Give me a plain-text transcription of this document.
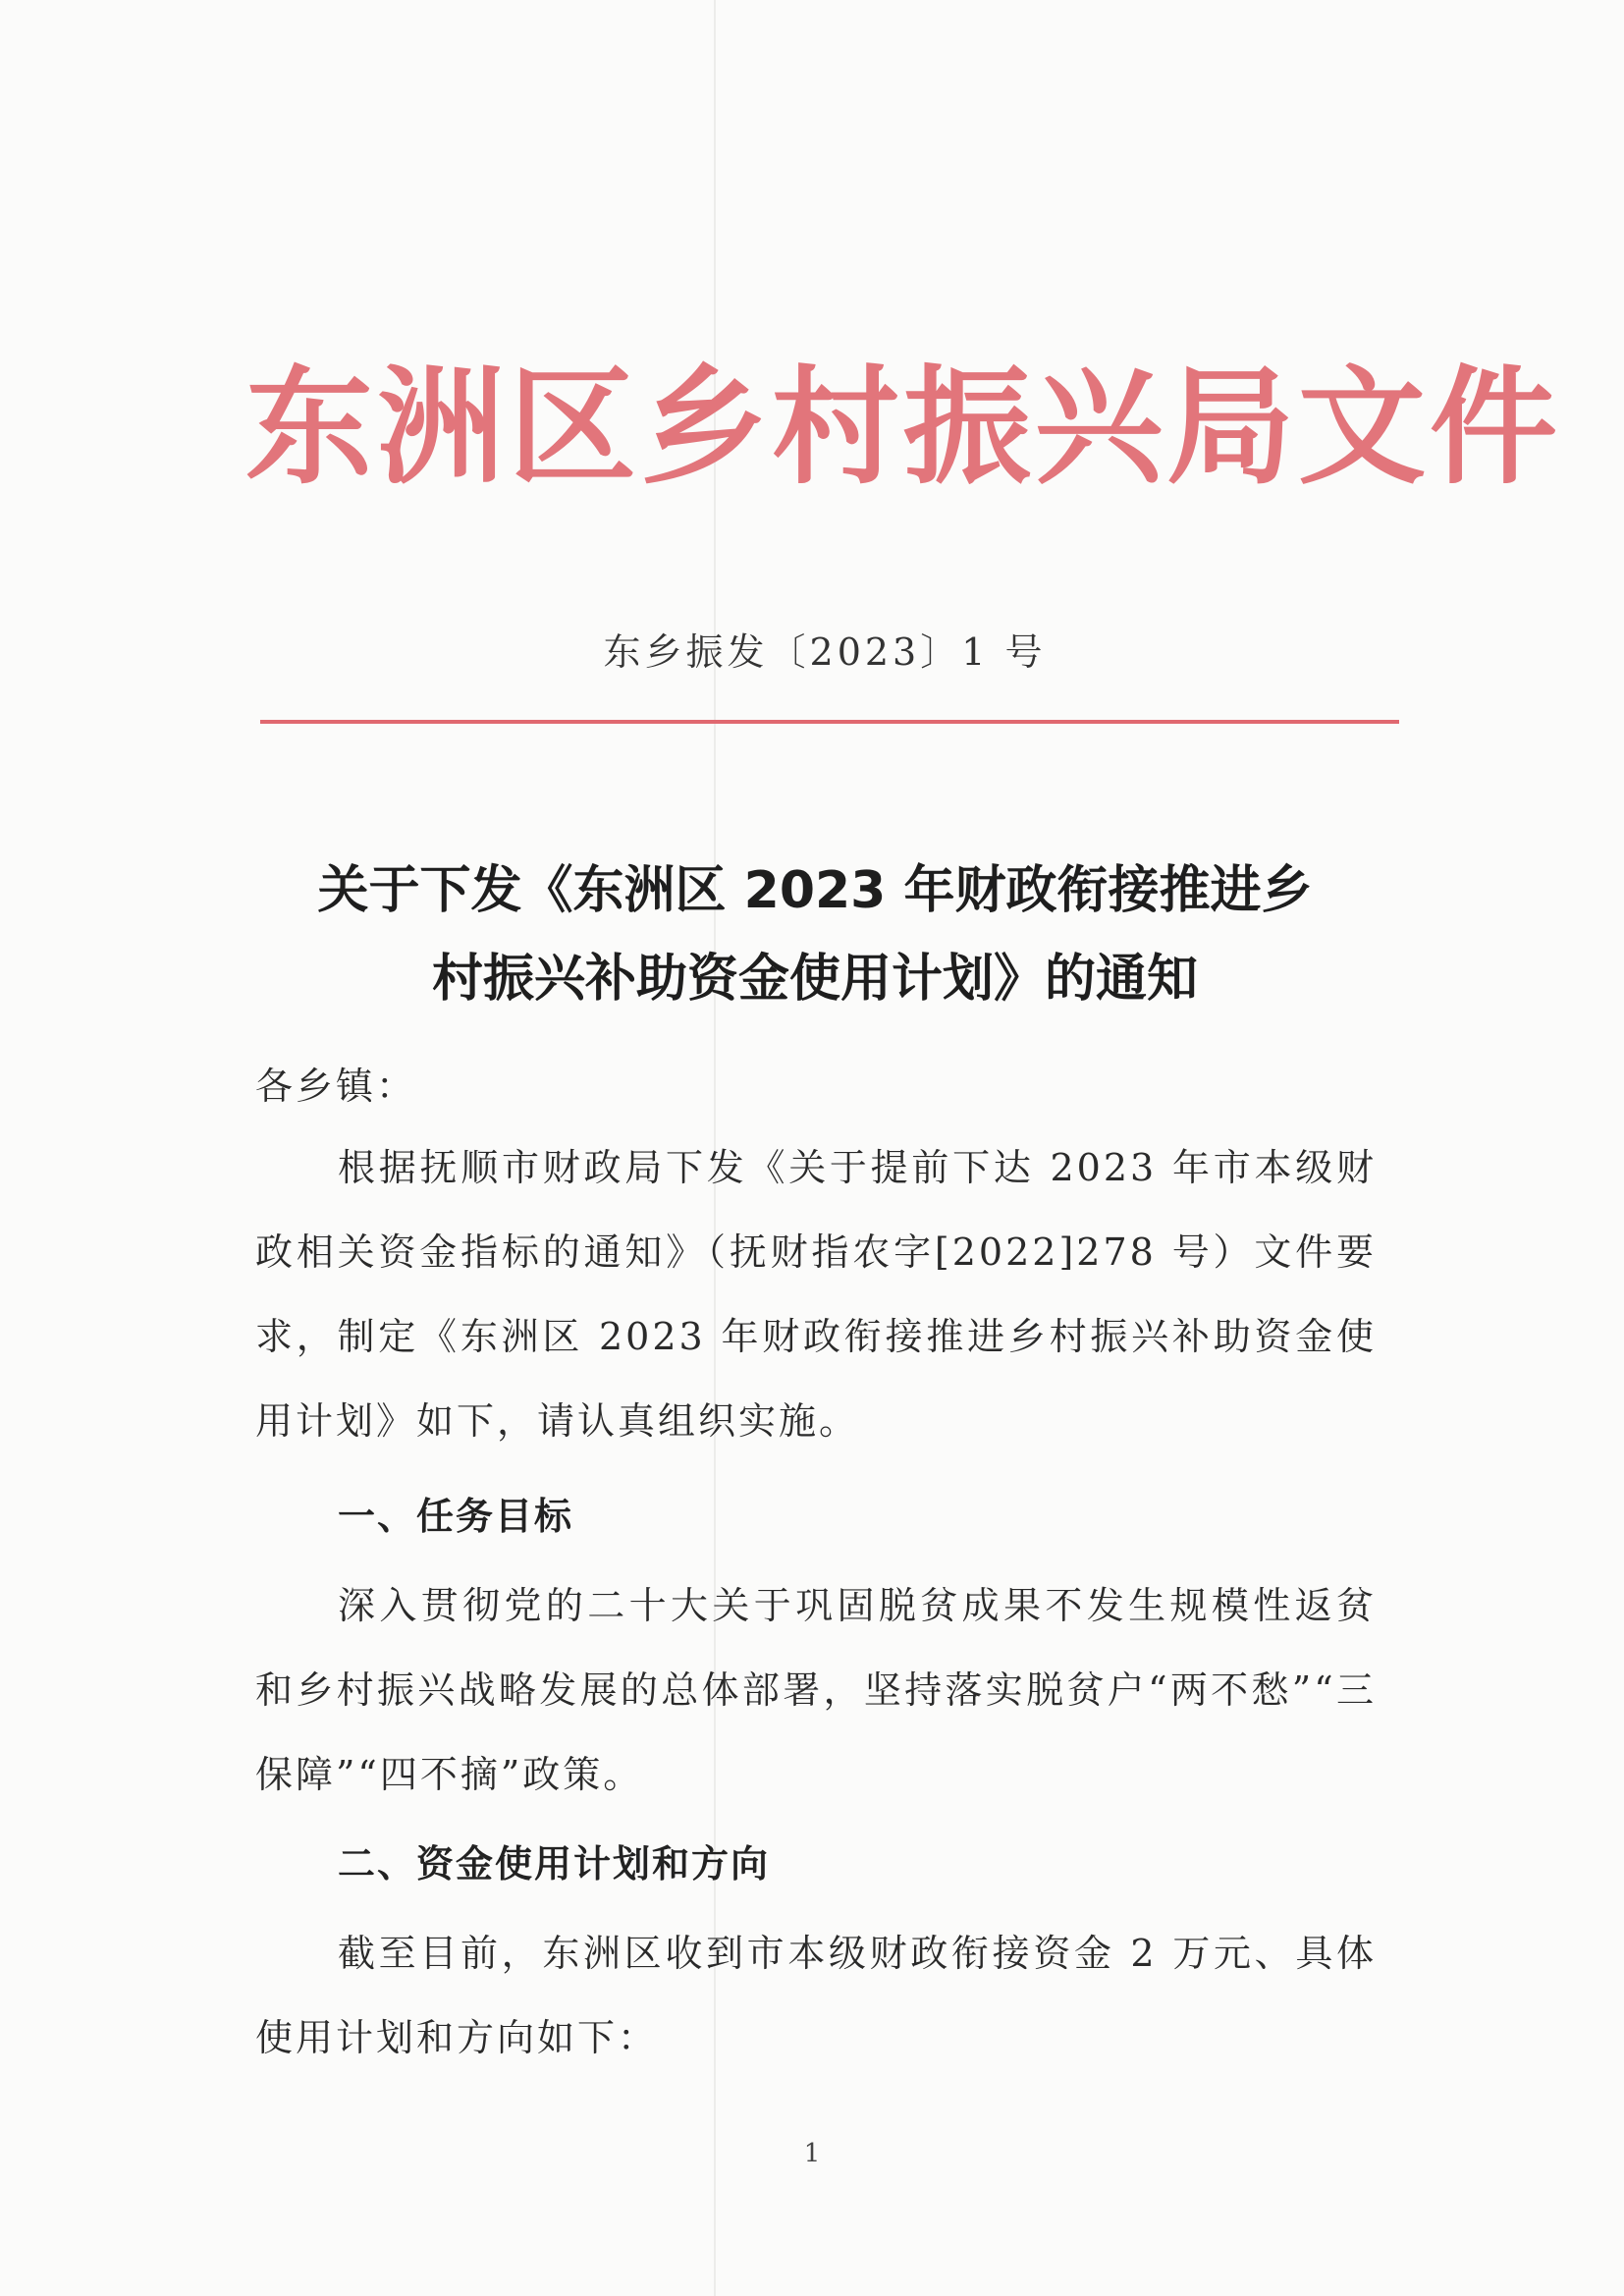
东洲区乡村振兴局文件
东乡振发〔2023〕1 号
关于下发《东洲区 2023 年财政衔接推进乡
村振兴补助资金使用计划》的通知
各乡镇：
根据抚顺市财政局下发《关于提前下达 2023 年市本级财政相关资金指标的通知》（抚财指农字[2022]278 号）文件要求，制定《东洲区 2023 年财政衔接推进乡村振兴补助资金使用计划》如下，请认真组织实施。
一、任务目标
深入贯彻党的二十大关于巩固脱贫成果不发生规模性返贫和乡村振兴战略发展的总体部署，坚持落实脱贫户“两不愁”“三保障”“四不摘”政策。
二、资金使用计划和方向
截至目前，东洲区收到市本级财政衔接资金 2 万元、具体使用计划和方向如下：
1
